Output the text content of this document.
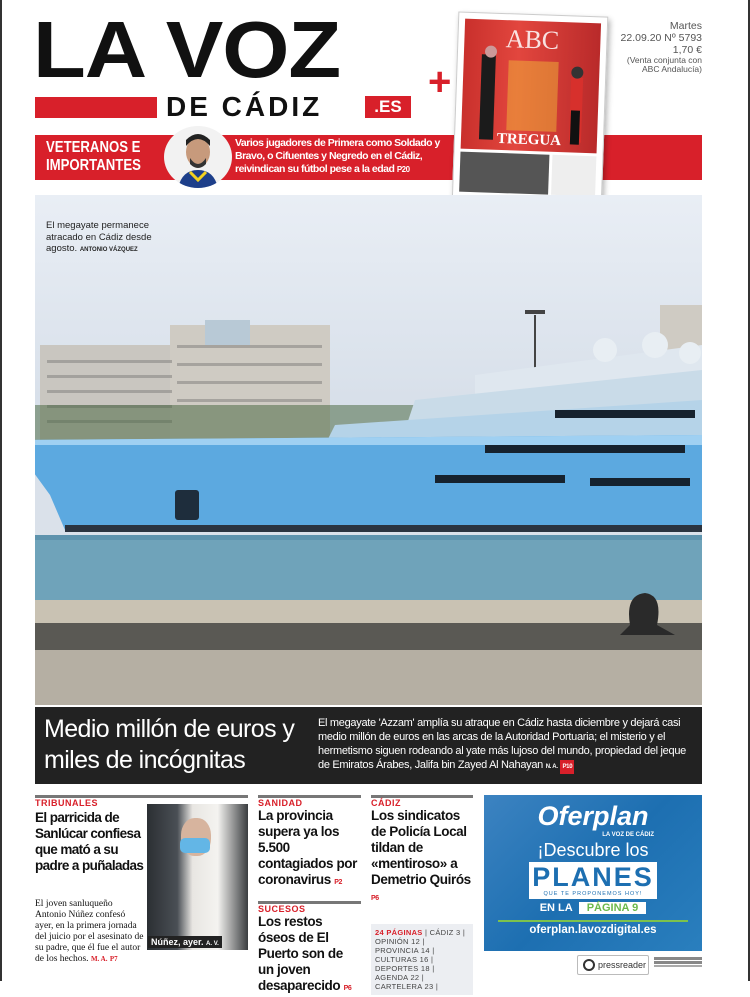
LA VOZ
DE CÁDIZ	.ES
VETERANOS E
IMPORTANTES
Varios jugadores de Primera como Soldado y Bravo, o Cifuentes y Negredo en el Cádiz, reivindican su fútbol pese a la edad P20
ABC
TREGUA
+
Martes
22.09.20 Nº 5793
1,70 €
(Venta conjunta con ABC Andalucía)
El megayate permanece atracado en Cádiz desde agosto. ANTONIO VÁZQUEZ
Medio millón de euros y miles de incógnitas
El megayate 'Azzam' amplía su atraque en Cádiz hasta diciembre y dejará casi medio millón de euros en las arcas de la Autoridad Portuaria; el misterio y el hermetismo siguen rodeando al yate más lujoso del mundo, propiedad del jeque de Emiratos Árabes, Jalifa bin Zayed Al Nahayan N. A. P10
TRIBUNALES
El parricida de Sanlúcar confiesa que mató a su padre a puñaladas
El joven sanluqueño Antonio Núñez confesó ayer, en la primera jornada del juicio por el asesinato de su padre, que él fue el autor de los hechos. M. A. P7
Núñez, ayer. A. V.
SANIDAD
La provincia supera ya los 5.500 contagiados por coronavirus P2
SUCESOS
Los restos óseos de El Puerto son de un joven desaparecido P6
CÁDIZ
Los sindicatos de Policía Local tildan de «mentiroso» a Demetrio Quirós P6
24 PÁGINAS | CÁDIZ 3 | OPINIÓN 12 |
PROVINCIA 14 |
CULTURAS 16 |
DEPORTES 18 |
AGENDA 22 |
CARTELERA 23 |
Oferplan
LA VOZ DE CÁDIZ
¡Descubre los
PLANES
QUE TE PROPONEMOS HOY!
EN LA PÁGINA 9
oferplan.lavozdigital.es
pressreader
